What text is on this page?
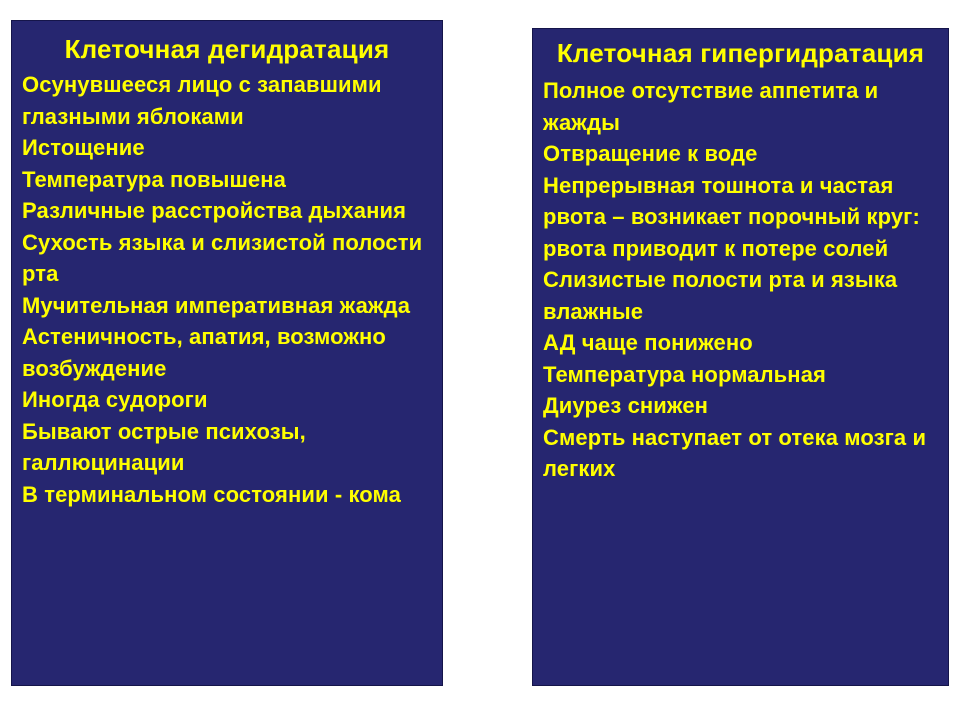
Клеточная дегидратация
Осунувшееся лицо с запавшими глазными яблоками
Истощение
Температура повышена
Различные расстройства дыхания
Сухость языка и слизистой полости рта
Мучительная императивная жажда
Астеничность, апатия, возможно возбуждение
Иногда судороги
Бывают острые психозы, галлюцинации
В терминальном состоянии - кома
Клеточная гипергидратация
Полное отсутствие аппетита и жажды
Отвращение к воде
Непрерывная тошнота и частая рвота – возникает порочный круг: рвота приводит к потере солей
Слизистые полости рта и языка влажные
АД чаще понижено
Температура нормальная
Диурез снижен
Смерть наступает от отека мозга и легких
